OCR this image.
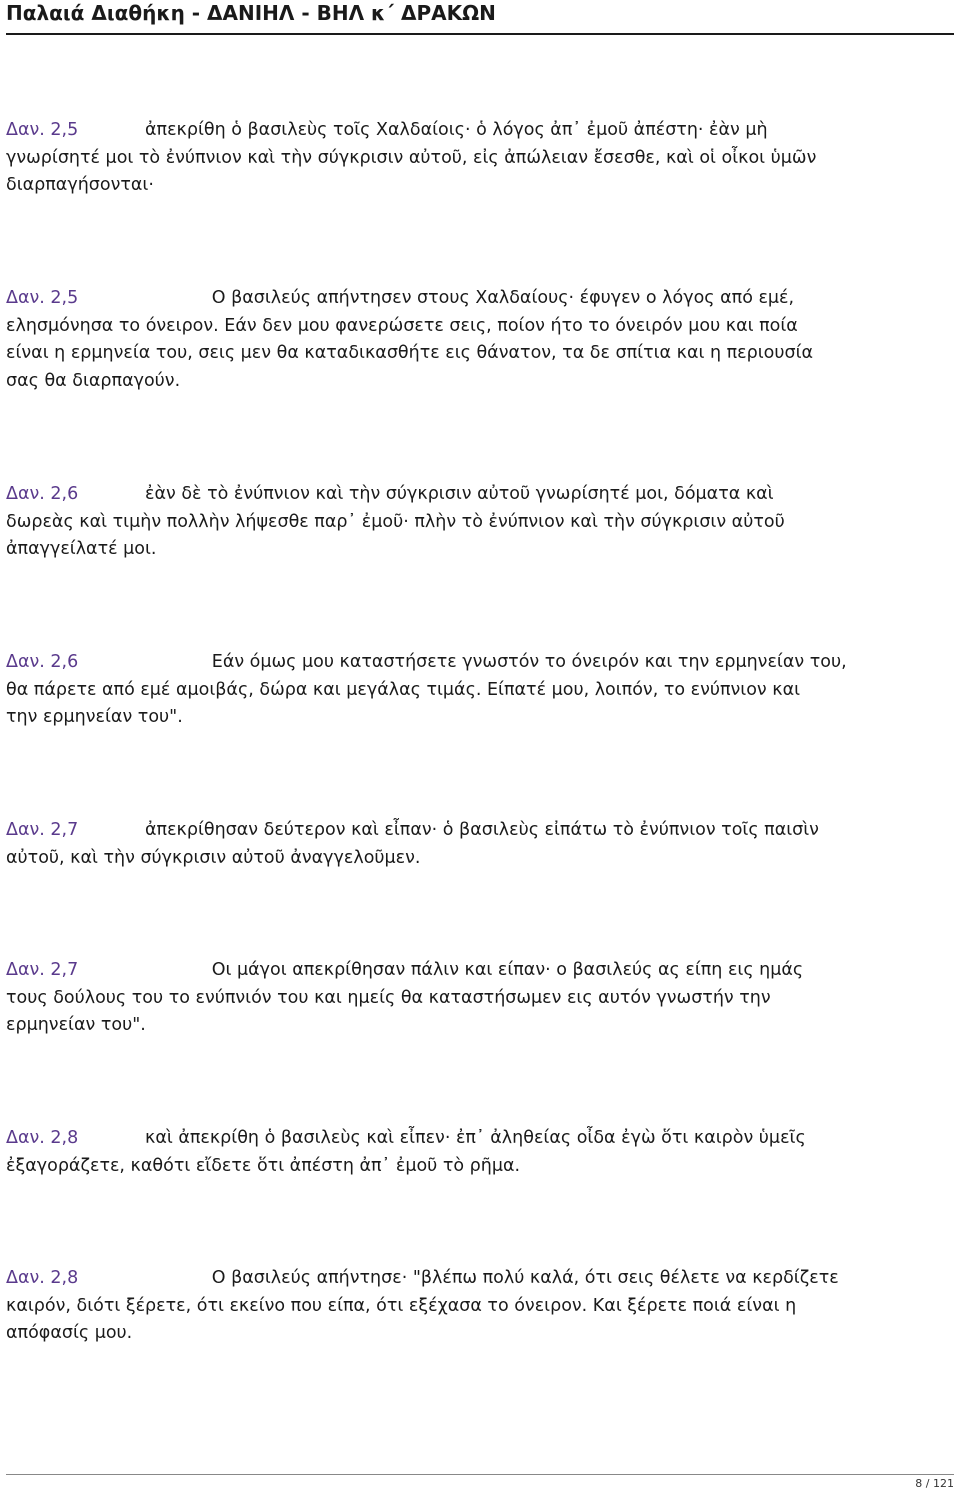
Παλαιά Διαθήκη - ΔΑΝΙΗΛ - ΒΗΛ κ΄ ΔΡΑΚΩΝ
Δαν. 2,5            ἀπεκρίθη ὁ βασιλεὺς τοῖς Χαλδαίοις· ὁ λόγος ἀπ᾿ ἐμοῦ ἀπέστη· ἐὰν μὴ
γνωρίσητέ μοι τὸ ἐνύπνιον καὶ τὴν σύγκρισιν αὐτοῦ, εἰς ἀπώλειαν ἔσεσθε, καὶ οἱ οἶκοι ὑμῶν
διαρπαγήσονται·
Δαν. 2,5                        Ο βασιλεύς απήντησεν στους Χαλδαίους· έφυγεν ο λόγος από εμέ,
ελησμόνησα το όνειρον. Εάν δεν μου φανερώσετε σεις, ποίον ήτο το όνειρόν μου και ποία
είναι η ερμηνεία του, σεις μεν θα καταδικασθήτε εις θάνατον, τα δε σπίτια και η περιουσία
σας θα διαρπαγούν.
Δαν. 2,6            ἐὰν δὲ τὸ ἐνύπνιον καὶ τὴν σύγκρισιν αὐτοῦ γνωρίσητέ μοι, δόματα καὶ
δωρεὰς καὶ τιμὴν πολλὴν λήψεσθε παρ᾿ ἐμοῦ· πλὴν τὸ ἐνύπνιον καὶ τὴν σύγκρισιν αὐτοῦ
ἀπαγγείλατέ μοι.
Δαν. 2,6                        Εάν όμως μου καταστήσετε γνωστόν το όνειρόν και την ερμηνείαν του,
θα πάρετε από εμέ αμοιβάς, δώρα και μεγάλας τιμάς. Είπατέ μου, λοιπόν, το ενύπνιον και
την ερμηνείαν του".
Δαν. 2,7            ἀπεκρίθησαν δεύτερον καὶ εἶπαν· ὁ βασιλεὺς εἰπάτω τὸ ἐνύπνιον τοῖς παισὶν
αὐτοῦ, καὶ τὴν σύγκρισιν αὐτοῦ ἀναγγελοῦμεν.
Δαν. 2,7                        Οι μάγοι απεκρίθησαν πάλιν και είπαν· ο βασιλεύς ας είπη εις ημάς
τους δούλους του το ενύπνιόν του και ημείς θα καταστήσωμεν εις αυτόν γνωστήν την
ερμηνείαν του".
Δαν. 2,8            καὶ ἀπεκρίθη ὁ βασιλεὺς καὶ εἶπεν· ἐπ᾿ ἀληθείας οἶδα ἐγὼ ὅτι καιρὸν ὑμεῖς
ἐξαγοράζετε, καθότι εἴδετε ὅτι ἀπέστη ἀπ᾿ ἐμοῦ τὸ ρῆμα.
Δαν. 2,8                        Ο βασιλεύς απήντησε· "βλέπω πολύ καλά, ότι σεις θέλετε να κερδίζετε
καιρόν, διότι ξέρετε, ότι εκείνο που είπα, ότι εξέχασα το όνειρον. Και ξέρετε ποιά είναι η
απόφασίς μου.
8 / 121
